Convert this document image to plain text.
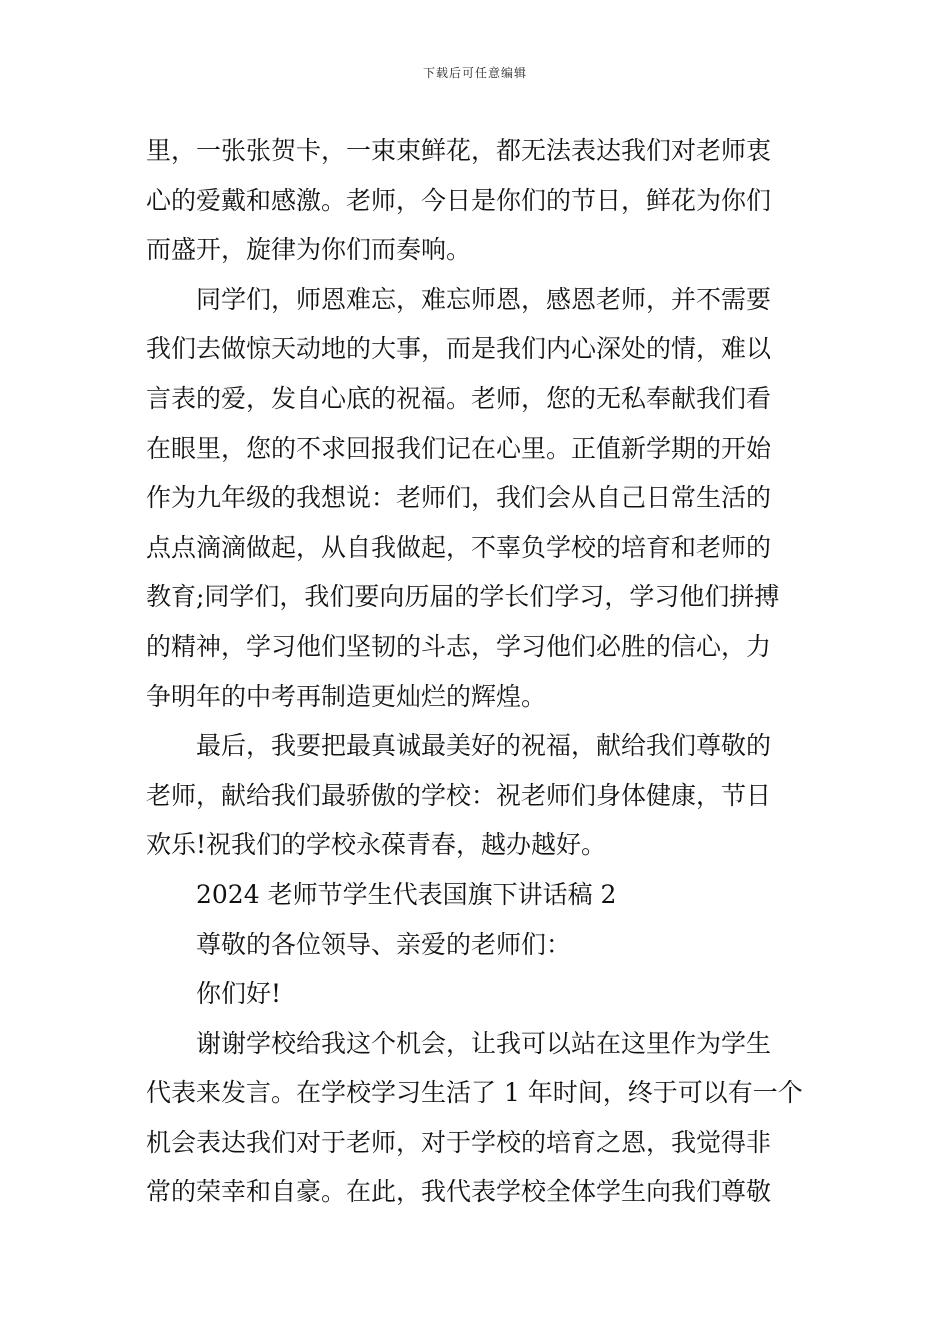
下载后可任意编辑
里，一张张贺卡，一束束鲜花，都无法表达我们对老师衷
心的爱戴和感激。老师，今日是你们的节日，鲜花为你们
而盛开，旋律为你们而奏响。
同学们，师恩难忘，难忘师恩，感恩老师，并不需要
我们去做惊天动地的大事，而是我们内心深处的情，难以
言表的爱，发自心底的祝福。老师，您的无私奉献我们看
在眼里，您的不求回报我们记在心里。正值新学期的开始
作为九年级的我想说：老师们，我们会从自己日常生活的
点点滴滴做起，从自我做起，不辜负学校的培育和老师的
教育;同学们，我们要向历届的学长们学习，学习他们拼搏
的精神，学习他们坚韧的斗志，学习他们必胜的信心，力
争明年的中考再制造更灿烂的辉煌。
最后，我要把最真诚最美好的祝福，献给我们尊敬的
老师，献给我们最骄傲的学校：祝老师们身体健康，节日
欢乐!祝我们的学校永葆青春，越办越好。
2024 老师节学生代表国旗下讲话稿 2
尊敬的各位领导、亲爱的老师们：
你们好!
谢谢学校给我这个机会，让我可以站在这里作为学生
代表来发言。在学校学习生活了 1 年时间，终于可以有一个
机会表达我们对于老师，对于学校的培育之恩，我觉得非
常的荣幸和自豪。在此，我代表学校全体学生向我们尊敬
